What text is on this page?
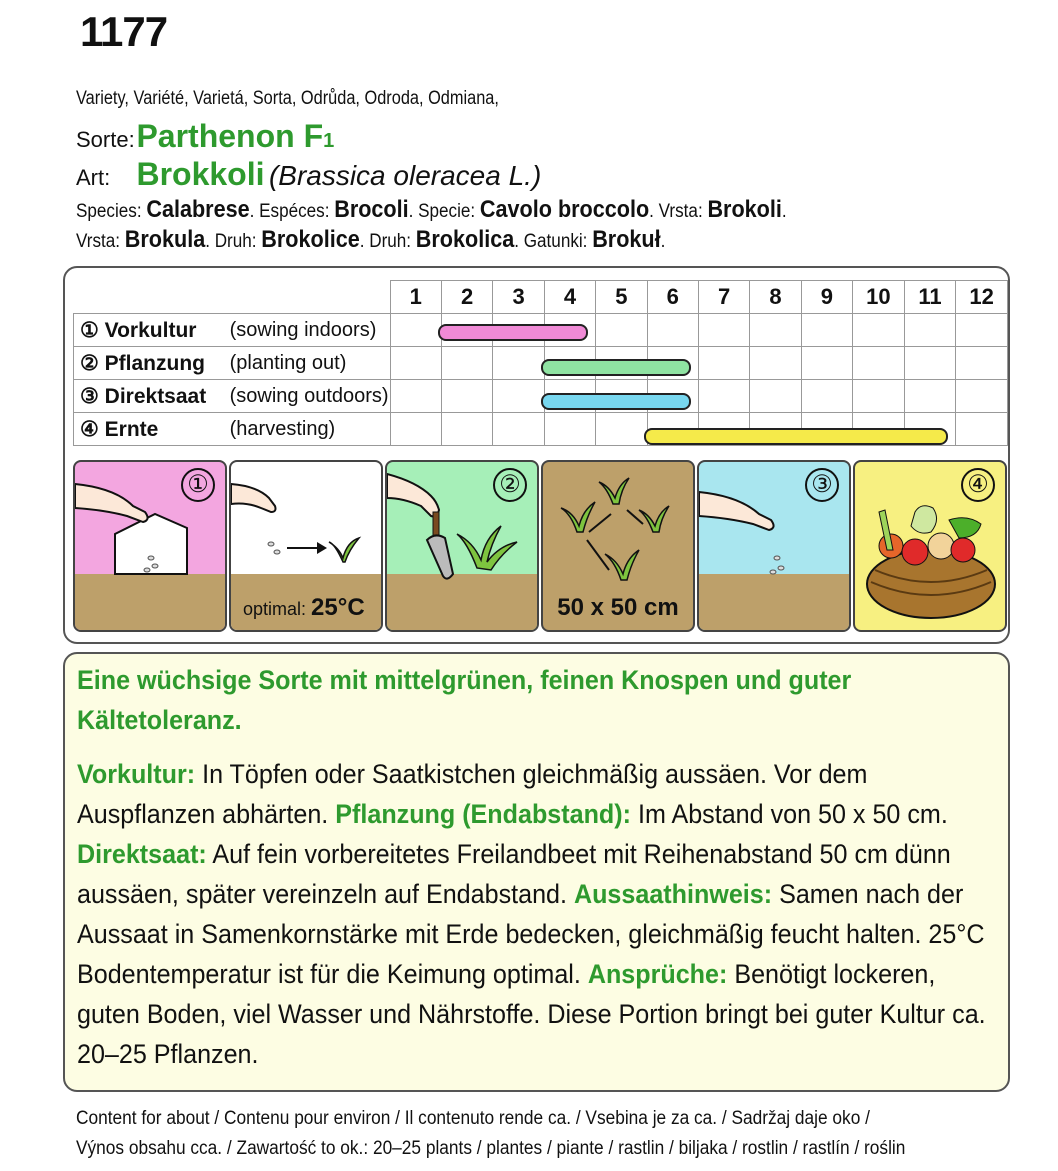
1177
Variety, Variété, Varietá, Sorta, Odrůda, Odroda, Odmiana,
Sorte: Parthenon F1
Art: Brokkoli (Brassica oleracea L.)
Species: Calabrese. Espéces: Brocoli. Specie: Cavolo broccolo. Vrsta: Brokoli.
Vrsta: Brokula. Druh: Brokolice. Druh: Brokolica. Gatunki: Brokuł.
		1	2	3	4	5	6	7	8	9	10	11	12
① Vorkultur	(sowing indoors)												
② Pflanzung	(planting out)												
③ Direktsaat	(sowing outdoors)												
④ Ernte	(harvesting)												
①
optimal: 25°C
②
50 x 50 cm
③	④

Eine wüchsige Sorte mit mittelgrünen, feinen Knospen und guter Kältetoleranz.

Vorkultur: In Töpfen oder Saatkistchen gleichmäßig aussäen. Vor dem Auspflanzen abhärten. Pflanzung (Endabstand): Im Abstand von 50 x 50 cm. Direktsaat: Auf fein vorbereitetes Freilandbeet mit Reihenabstand 50 cm dünn aussäen, später vereinzeln auf Endabstand. Aussaathinweis: Samen nach der Aussaat in Samenkornstärke mit Erde bedecken, gleichmäßig feucht halten. 25°C Bodentemperatur ist für die Keimung optimal. Ansprüche: Benötigt lockeren, guten Boden, viel Wasser und Nährstoffe. Diese Portion bringt bei guter Kultur ca. 20–25 Pflanzen.

Content for about / Contenu pour environ / Il contenuto rende ca. / Vsebina je za ca. / Sadržaj daje oko /
Výnos obsahu cca. / Zawartość to ok.: 20–25 plants / plantes / piante / rastlin / biljaka / rostlin / rastlín / roślin
